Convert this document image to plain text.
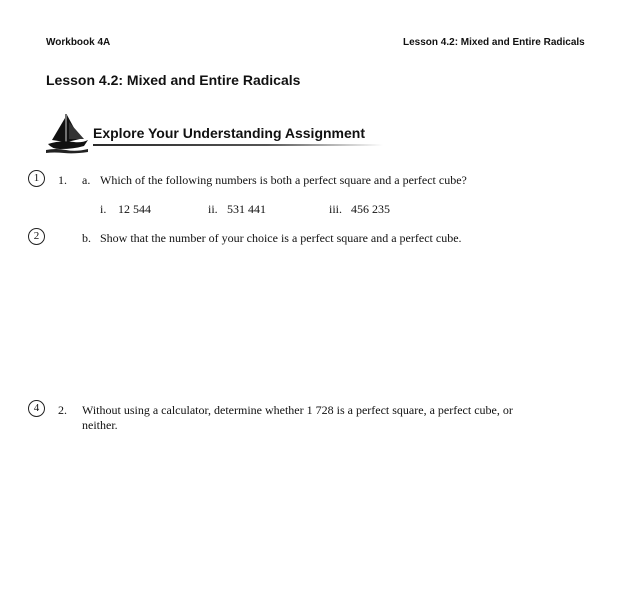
Workbook 4A	Lesson 4.2: Mixed and Entire Radicals
Lesson 4.2: Mixed and Entire Radicals
Explore Your Understanding Assignment
1	1. a. Which of the following numbers is both a perfect square and a perfect cube?
i. 12 544	ii. 531 441	iii. 456 235
2	b. Show that the number of your choice is a perfect square and a perfect cube.
4	2. Without using a calculator, determine whether 1 728 is a perfect square, a perfect cube, or
neither.
